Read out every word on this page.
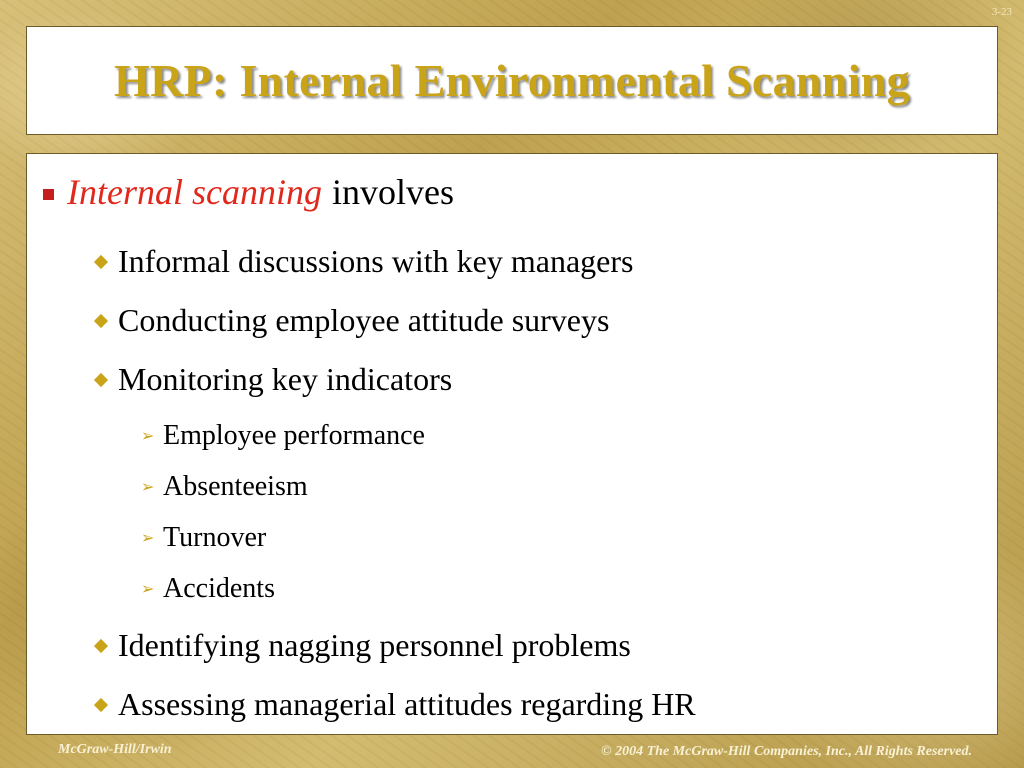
3-23
HRP: Internal Environmental Scanning
Internal scanning involves
Informal discussions with key managers
Conducting employee attitude surveys
Monitoring key indicators
➢ Employee performance
➢ Absenteeism
➢ Turnover
➢ Accidents
Identifying nagging personnel problems
Assessing managerial attitudes regarding HR
McGraw-Hill/Irwin	© 2004 The McGraw-Hill Companies, Inc., All Rights Reserved.
